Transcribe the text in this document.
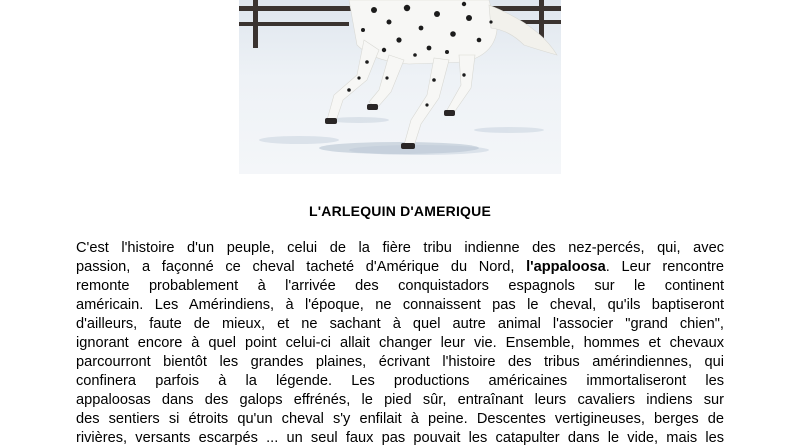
L'ARLEQUIN D'AMERIQUE
C'est l'histoire d'un peuple, celui de la fière tribu indienne des nez-percés, qui, avec
passion, a façonné ce cheval tacheté d'Amérique du Nord, l'appaloosa. Leur rencontre
remonte probablement à l'arrivée des conquistadors espagnols sur le continent
américain. Les Amérindiens, à l'époque, ne connaissent pas le cheval, qu'ils baptiseront
d'ailleurs, faute de mieux, et ne sachant à quel autre animal l'associer "grand chien",
ignorant encore à quel point celui-ci allait changer leur vie. Ensemble, hommes et chevaux
parcourront bientôt les grandes plaines, écrivant l'histoire des tribus amérindiennes, qui
confinera parfois à la légende. Les productions américaines immortaliseront les
appaloosas dans des galops effrénés, le pied sûr, entraînant leurs cavaliers indiens sur
des sentiers si étroits qu'un cheval s'y enfilait à peine. Descentes vertigineuses, berges de
rivières, versants escarpés ... un seul faux pas pouvait les catapulter dans le vide, mais les
